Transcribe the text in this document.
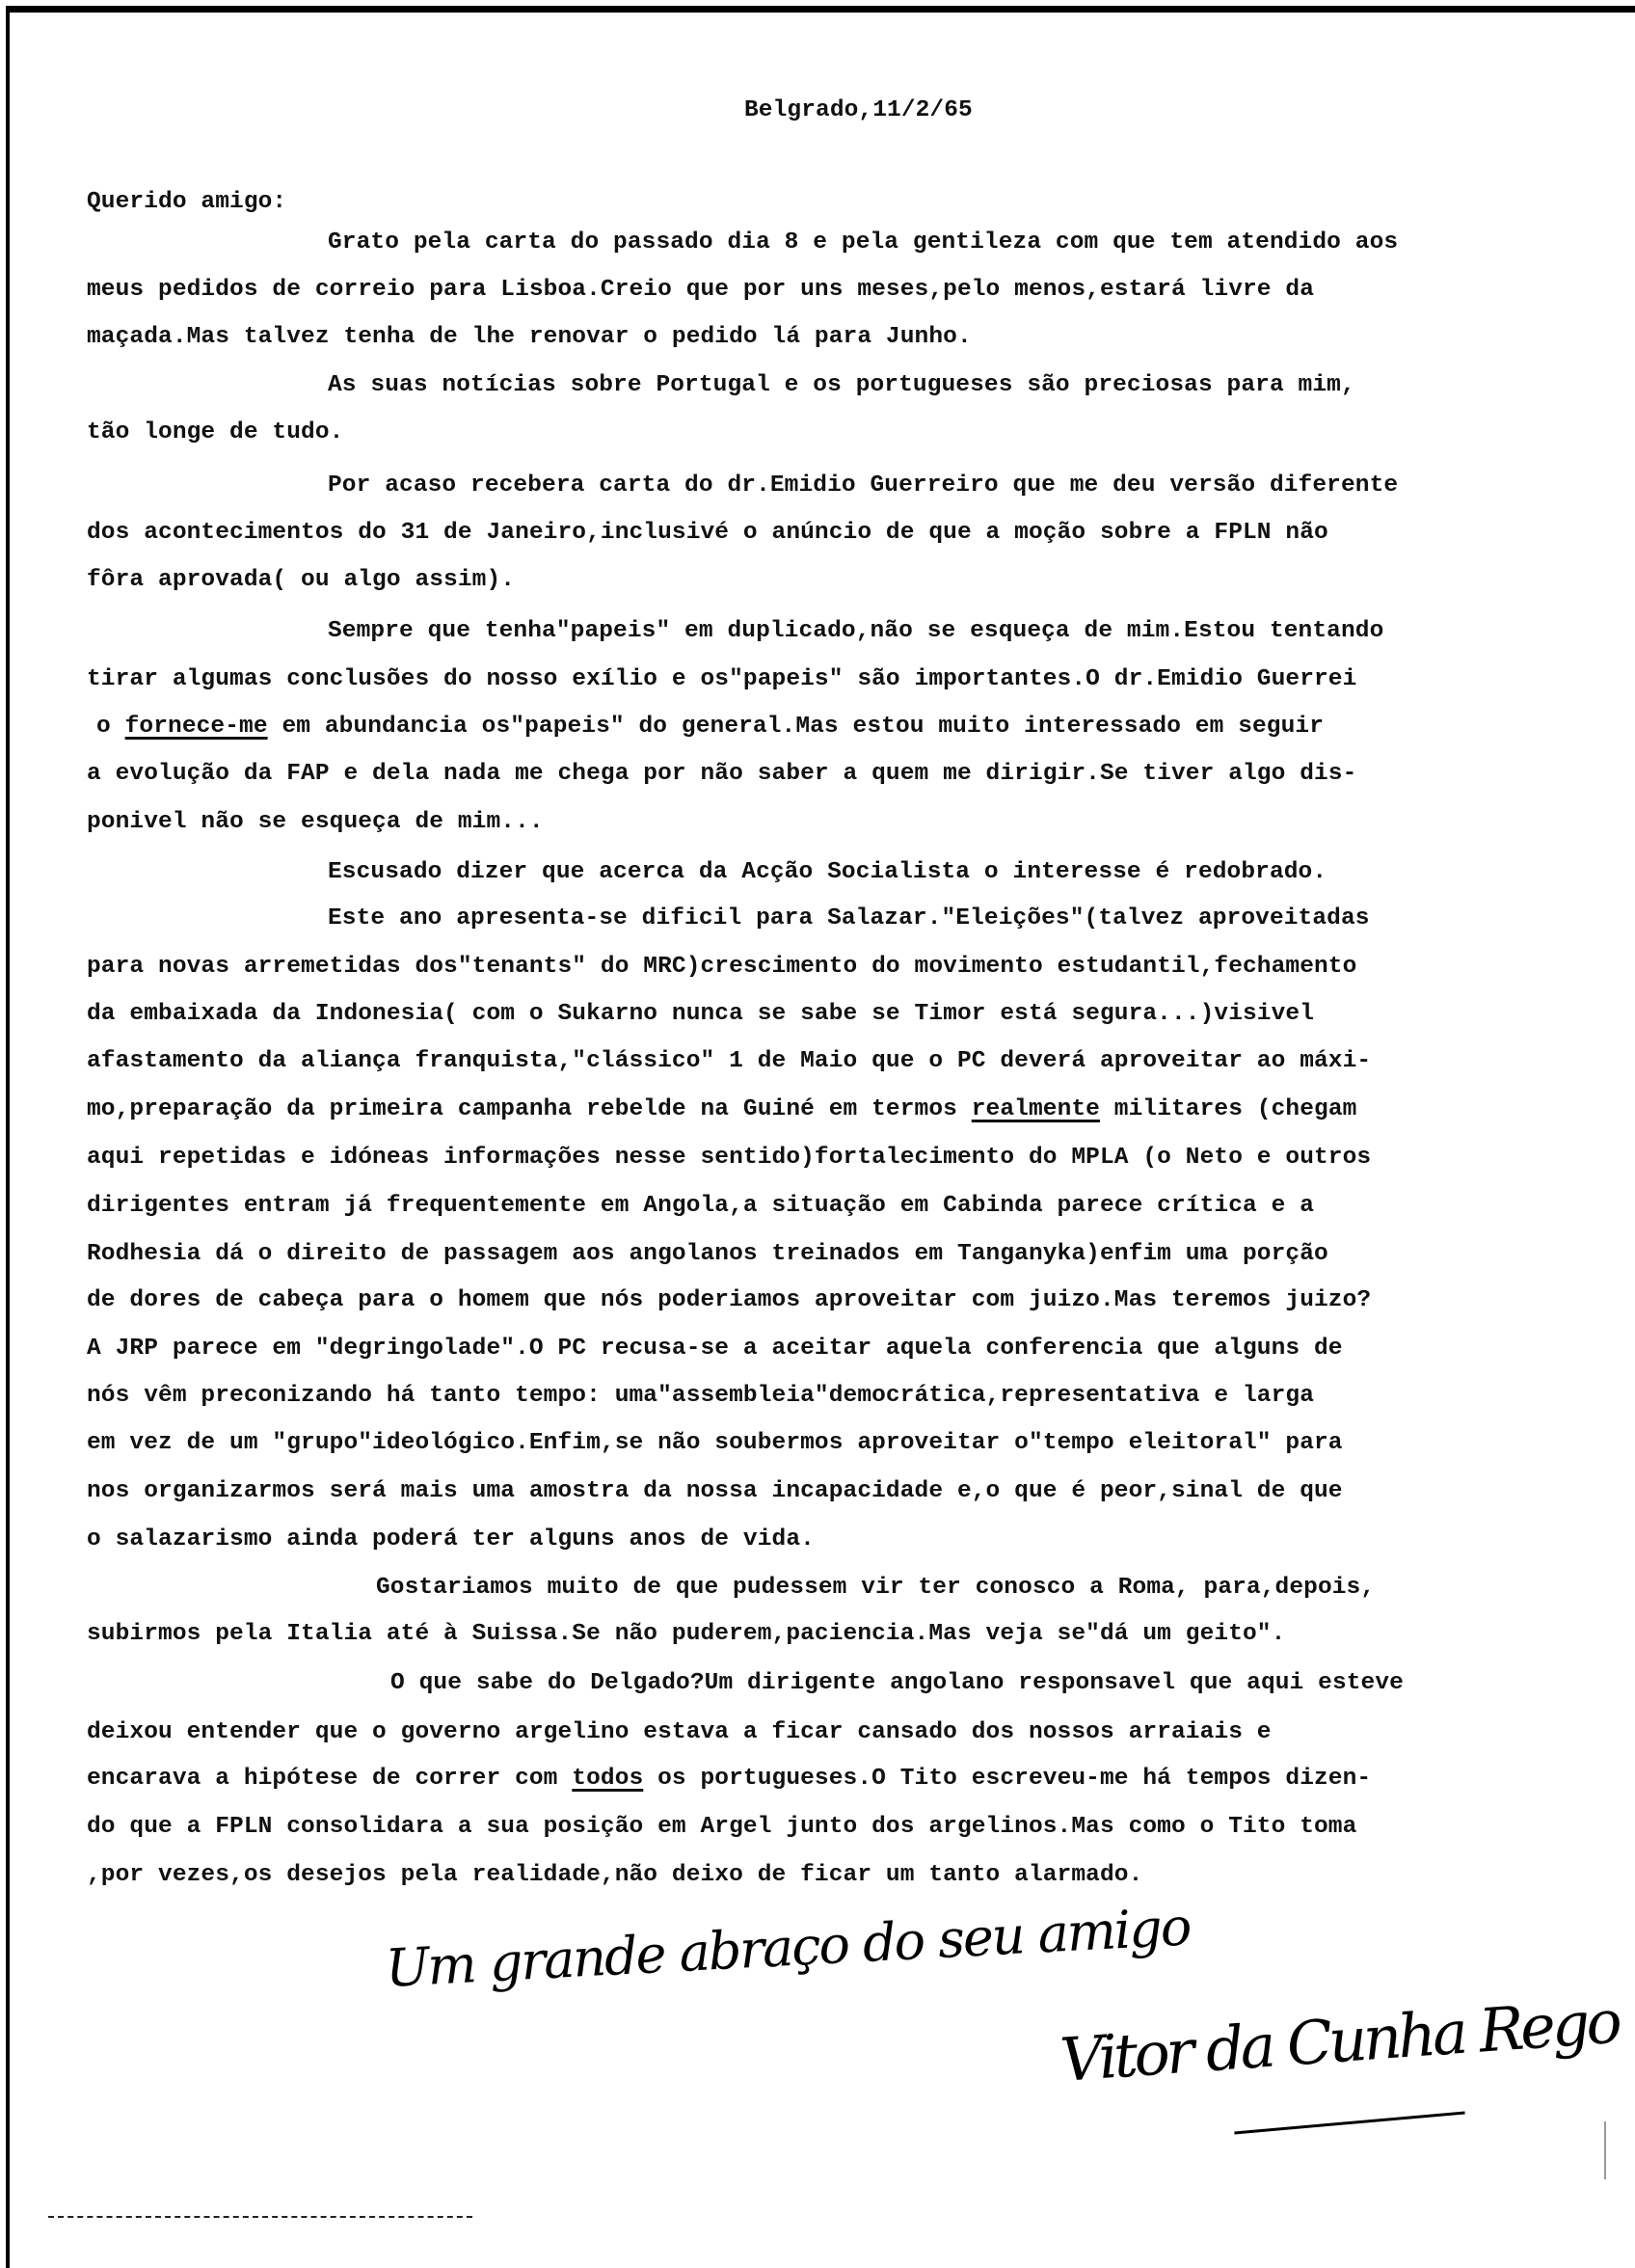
Belgrado,11/2/65
Querido amigo:
Grato pela carta do passado dia 8 e pela gentileza com que tem atendido aos
meus pedidos de correio para Lisboa.Creio que por uns meses,pelo menos,estará livre da
maçada.Mas talvez tenha de lhe renovar o pedido lá para Junho.
As suas notícias sobre Portugal e os portugueses são preciosas para mim,
tão longe de tudo.
Por acaso recebera carta do dr.Emidio Guerreiro que me deu versão diferente
dos acontecimentos do 31 de Janeiro,inclusivé o anúncio de que a moção sobre a FPLN não
fôra aprovada( ou algo assim).
Sempre que tenha"papeis" em duplicado,não se esqueça de mim.Estou tentando
tirar algumas conclusões do nosso exílio e os"papeis" são importantes.O dr.Emidio Guerrei
o fornece-me em abundancia os"papeis" do general.Mas estou muito interessado em seguir
a evolução da FAP e dela nada me chega por não saber a quem me dirigir.Se tiver algo dis-
ponivel não se esqueça de mim...
Escusado dizer que acerca da Acção Socialista o interesse é redobrado.
Este ano apresenta-se dificil para Salazar."Eleições"(talvez aproveitadas
para novas arremetidas dos"tenants" do MRC)crescimento do movimento estudantil,fechamento
da embaixada da Indonesia( com o Sukarno nunca se sabe se Timor está segura...)visivel
afastamento da aliança franquista,"clássico" 1 de Maio que o PC deverá aproveitar ao máxi-
mo,preparação da primeira campanha rebelde na Guiné em termos realmente militares (chegam
aqui repetidas e idóneas informações nesse sentido)fortalecimento do MPLA (o Neto e outros
dirigentes entram já frequentemente em Angola,a situação em Cabinda parece crítica e a
Rodhesia dá o direito de passagem aos angolanos treinados em Tanganyka)enfim uma porção
de dores de cabeça para o homem que nós poderiamos aproveitar com juizo.Mas teremos juizo?
A JRP parece em "degringolade".O PC recusa-se a aceitar aquela conferencia que alguns de
nós vêm preconizando há tanto tempo: uma"assembleia"democrática,representativa e larga
em vez de um "grupo"ideológico.Enfim,se não soubermos aproveitar o"tempo eleitoral" para
nos organizarmos será mais uma amostra da nossa incapacidade e,o que é peor,sinal de que
o salazarismo ainda poderá ter alguns anos de vida.
Gostariamos muito de que pudessem vir ter conosco a Roma, para,depois,
subirmos pela Italia até à Suissa.Se não puderem,paciencia.Mas veja se"dá um geito".
O que sabe do Delgado?Um dirigente angolano responsavel que aqui esteve
deixou entender que o governo argelino estava a ficar cansado dos nossos arraiais e
encarava a hipótese de correr com todos os portugueses.O Tito escreveu-me há tempos dizen-
do que a FPLN consolidara a sua posição em Argel junto dos argelinos.Mas como o Tito toma
,por vezes,os desejos pela realidade,não deixo de ficar um tanto alarmado.
Um grande abraço do seu amigo
Vitor da Cunha Rego
